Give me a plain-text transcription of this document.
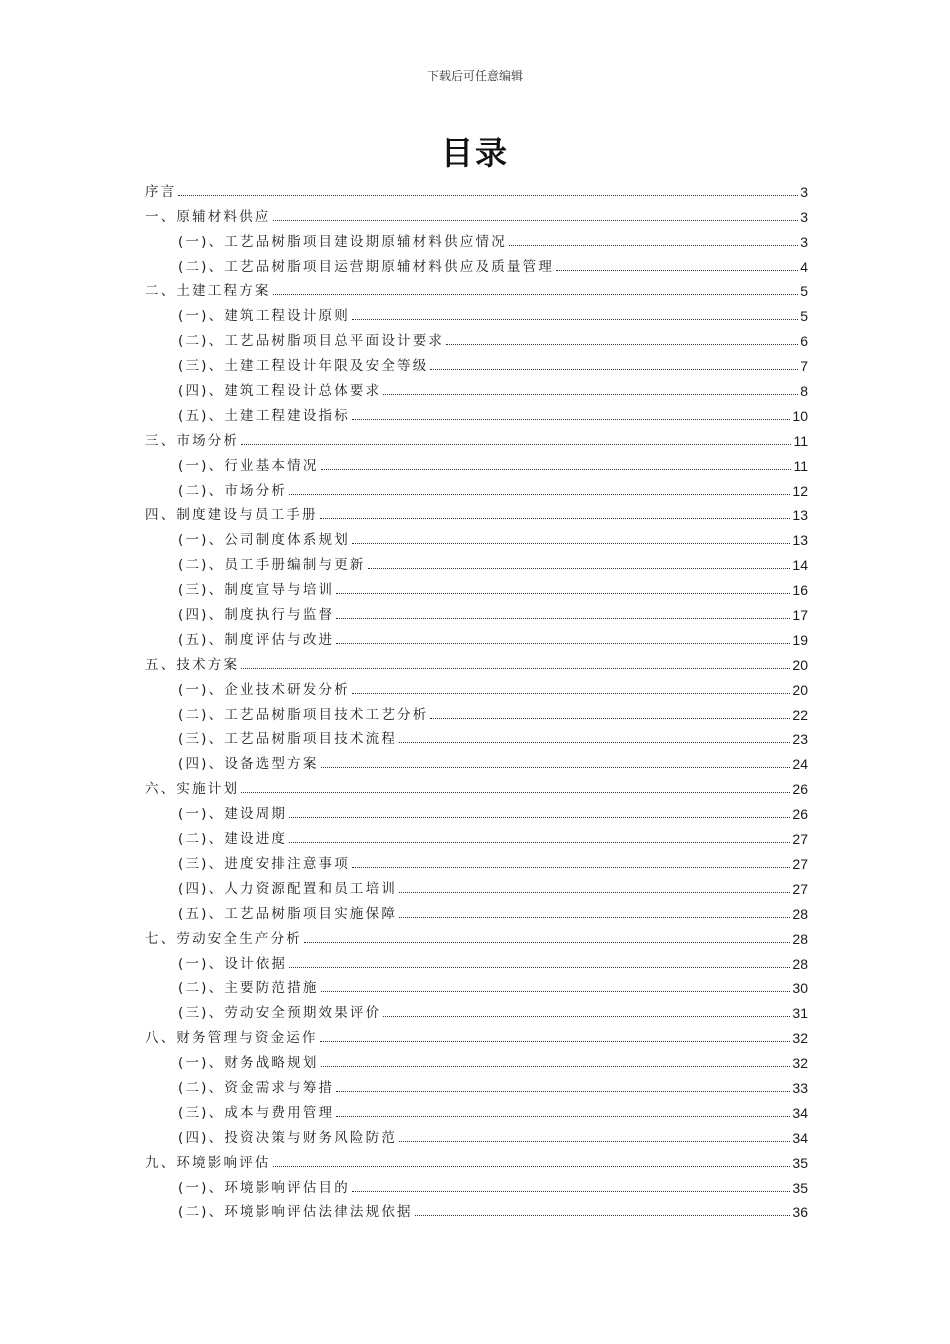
下载后可任意编辑
目录
序言	3
一、原辅材料供应	3
(一)、工艺品树脂项目建设期原辅材料供应情况	3
(二)、工艺品树脂项目运营期原辅材料供应及质量管理	4
二、土建工程方案	5
(一)、建筑工程设计原则	5
(二)、工艺品树脂项目总平面设计要求	6
(三)、土建工程设计年限及安全等级	7
(四)、建筑工程设计总体要求	8
(五)、土建工程建设指标	10
三、市场分析	11
(一)、行业基本情况	11
(二)、市场分析	12
四、制度建设与员工手册	13
(一)、公司制度体系规划	13
(二)、员工手册编制与更新	14
(三)、制度宣导与培训	16
(四)、制度执行与监督	17
(五)、制度评估与改进	19
五、技术方案	20
(一)、企业技术研发分析	20
(二)、工艺品树脂项目技术工艺分析	22
(三)、工艺品树脂项目技术流程	23
(四)、设备选型方案	24
六、实施计划	26
(一)、建设周期	26
(二)、建设进度	27
(三)、进度安排注意事项	27
(四)、人力资源配置和员工培训	27
(五)、工艺品树脂项目实施保障	28
七、劳动安全生产分析	28
(一)、设计依据	28
(二)、主要防范措施	30
(三)、劳动安全预期效果评价	31
八、财务管理与资金运作	32
(一)、财务战略规划	32
(二)、资金需求与筹措	33
(三)、成本与费用管理	34
(四)、投资决策与财务风险防范	34
九、环境影响评估	35
(一)、环境影响评估目的	35
(二)、环境影响评估法律法规依据	36
